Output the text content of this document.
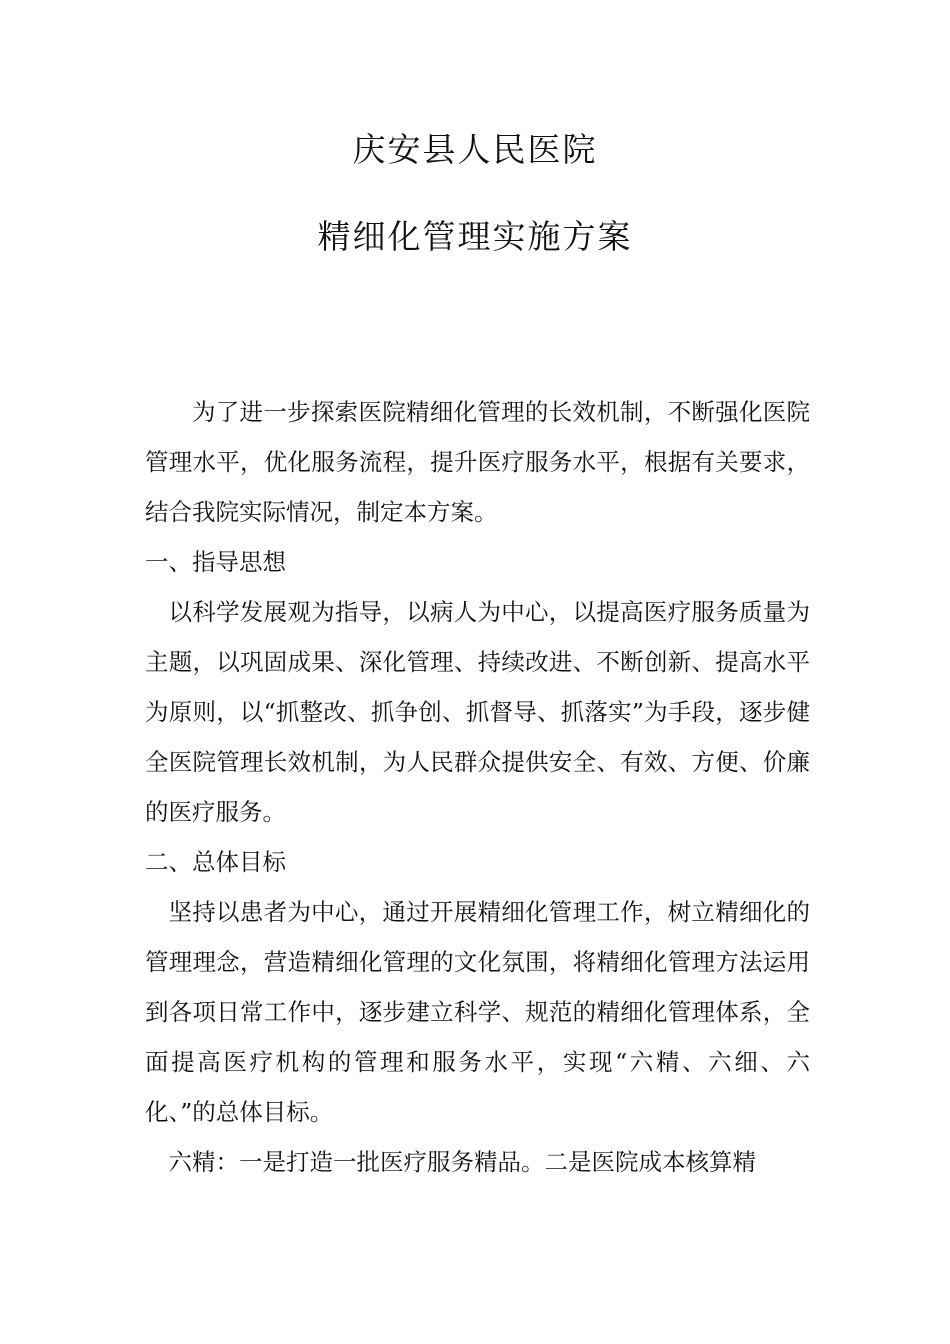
庆安县人民医院
精细化管理实施方案

为了进一步探索医院精细化管理的长效机制，不断强化医院管理水平，优化服务流程，提升医疗服务水平，根据有关要求，结合我院实际情况，制定本方案。

一、指导思想

以科学发展观为指导，以病人为中心，以提高医疗服务质量为主题，以巩固成果、深化管理、持续改进、不断创新、提高水平为原则，以“抓整改、抓争创、抓督导、抓落实”为手段，逐步健全医院管理长效机制，为人民群众提供安全、有效、方便、价廉的医疗服务。

二、总体目标

坚持以患者为中心，通过开展精细化管理工作，树立精细化的管理理念，营造精细化管理的文化氛围，将精细化管理方法运用到各项日常工作中，逐步建立科学、规范的精细化管理体系，全面提高医疗机构的管理和服务水平，实现“六精、六细、六化、”的总体目标。

六精：一是打造一批医疗服务精品。二是医院成本核算精
